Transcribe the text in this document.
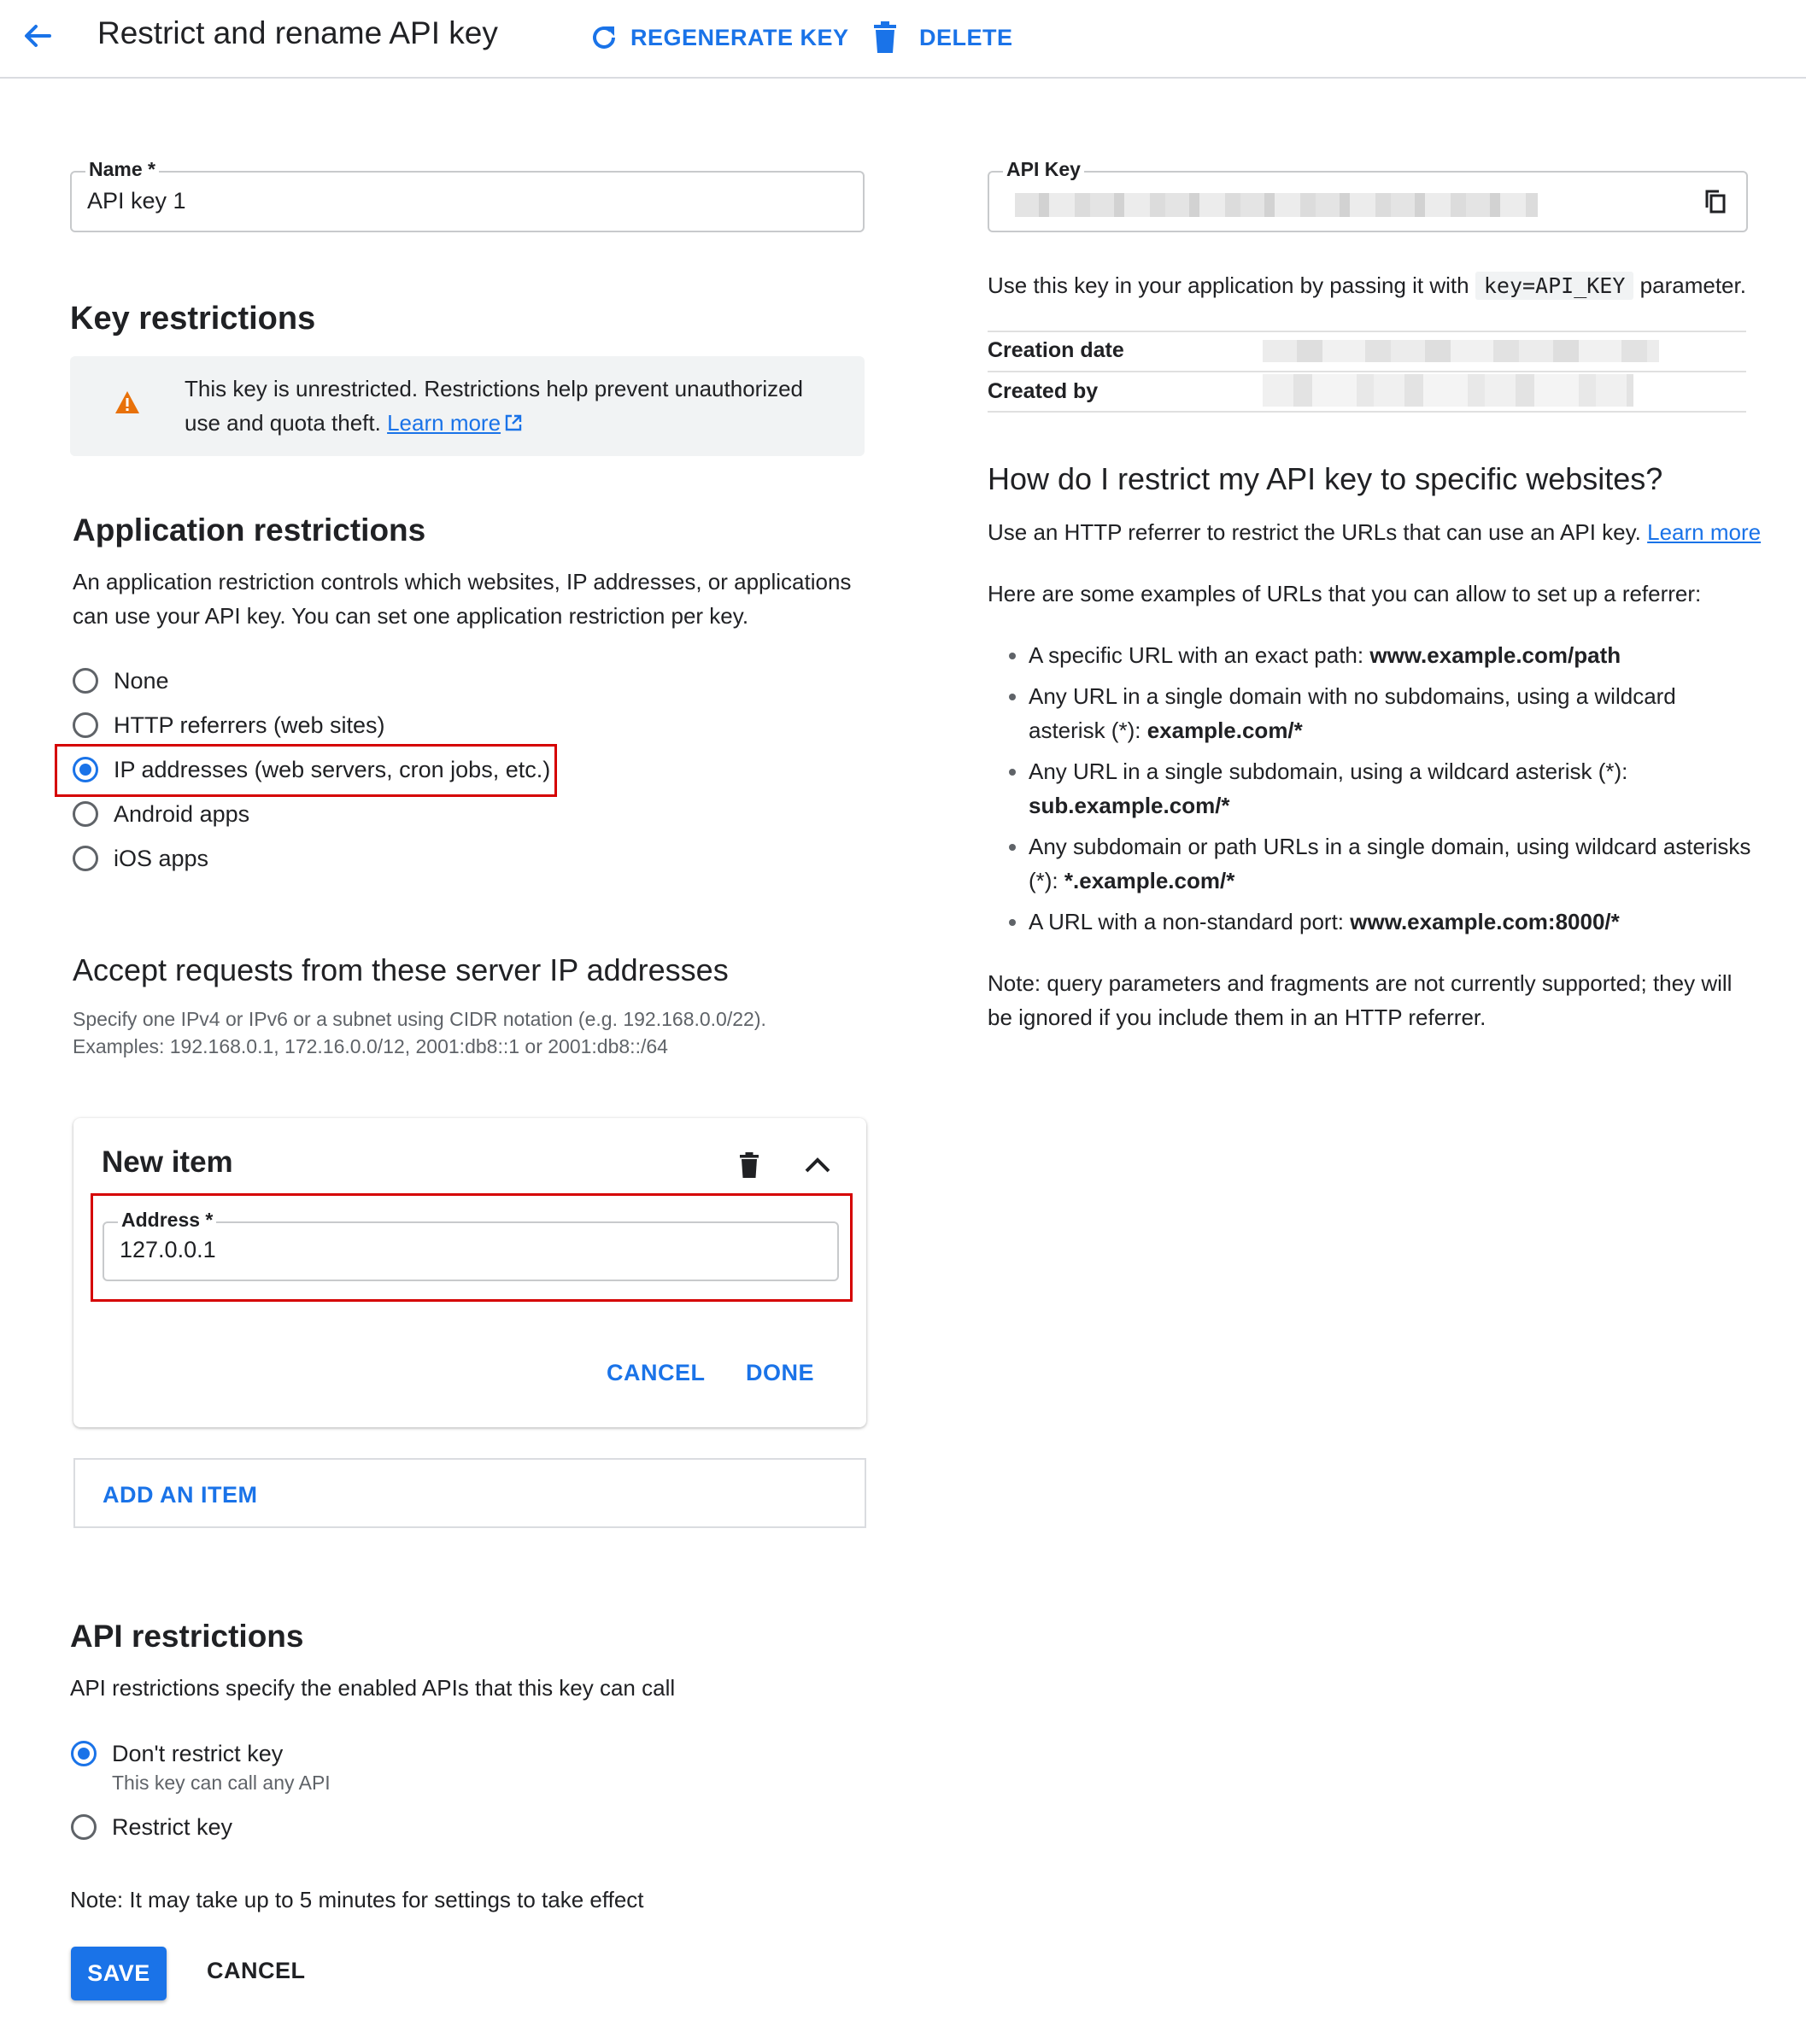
Restrict and rename API key	REGENERATE KEY	DELETE
Name *
API key 1
Key restrictions
This key is unrestricted. Restrictions help prevent unauthorized use and quota theft. Learn more
Application restrictions
An application restriction controls which websites, IP addresses, or applications can use your API key. You can set one application restriction per key.
None
HTTP referrers (web sites)
IP addresses (web servers, cron jobs, etc.)
Android apps
iOS apps
Accept requests from these server IP addresses
Specify one IPv4 or IPv6 or a subnet using CIDR notation (e.g. 192.168.0.0/22).
Examples: 192.168.0.1, 172.16.0.0/12, 2001:db8::1 or 2001:db8::/64
New item
Address *
127.0.0.1
CANCEL DONE
ADD AN ITEM
API restrictions
API restrictions specify the enabled APIs that this key can call
Don't restrict key
This key can call any API
Restrict key
Note: It may take up to 5 minutes for settings to take effect
SAVE	CANCEL
API Key
Use this key in your application by passing it with key=API_KEY parameter.
Creation date
Created by
How do I restrict my API key to specific websites?
Use an HTTP referrer to restrict the URLs that can use an API key. Learn more
Here are some examples of URLs that you can allow to set up a referrer:
• A specific URL with an exact path: www.example.com/path
• Any URL in a single domain with no subdomains, using a wildcard asterisk (*): example.com/*
• Any URL in a single subdomain, using a wildcard asterisk (*): sub.example.com/*
• Any subdomain or path URLs in a single domain, using wildcard asterisks (*): *.example.com/*
• A URL with a non-standard port: www.example.com:8000/*
Note: query parameters and fragments are not currently supported; they will be ignored if you include them in an HTTP referrer.
